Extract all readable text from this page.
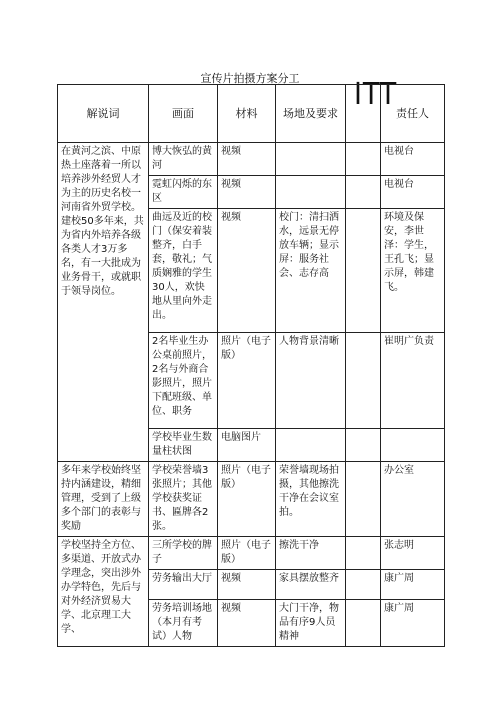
宣传片拍摄方案分工	ITT
解说词	画面	材料	场地及要求		责任人
在黄河之滨、中原热土座落着一所以培养涉外经贸人才为主的历史名校一河南省外贸学校。建校50多年来，共为省内外培养各级各类人才3万多名，有一大批成为业务骨干，或就职于领导岗位。	博大恢弘的黄河	视频			电视台
	霓虹闪烁的东区	视频			电视台
	曲远及近的校门（保安着装整齐，白手套，敬礼；气质娴雅的学生30人，欢快地从里向外走出。	视频	校门：清扫洒水，远景无停放车辆；显示屏：服务社会、志存高		环境及保安，李世泽：学生，王孔飞；显示屏，韩建飞。
	2名毕业生办公桌前照片，2名与外商合影照片，照片下配班级、单位、职务	照片（电子版）	人物背景清晰		崔明广负责
	学校毕业生数量柱状图	电脑图片			
多年来学校始终坚持内涵建设，精细管理，受到了上级多个部门的表彰与奖励	学校荣誉墙3张照片；其他学校获奖证书、匾牌各2张。	照片（电子版）	荣誉墙现场拍摄，其他擦洗干净在会议室拍。		办公室
学校坚持全方位、多渠道、开放式办学理念，突出涉外办学特色，先后与对外经济贸易大学、北京理工大学、	三所学校的牌子	照片（电子版）	擦洗干净		张志明
	劳务输出大厅	视频	家具摆放整齐		康广周
	劳务培训场地（本月有考试）人物	视频	大门干净，物品有序9人员精神		康广周
